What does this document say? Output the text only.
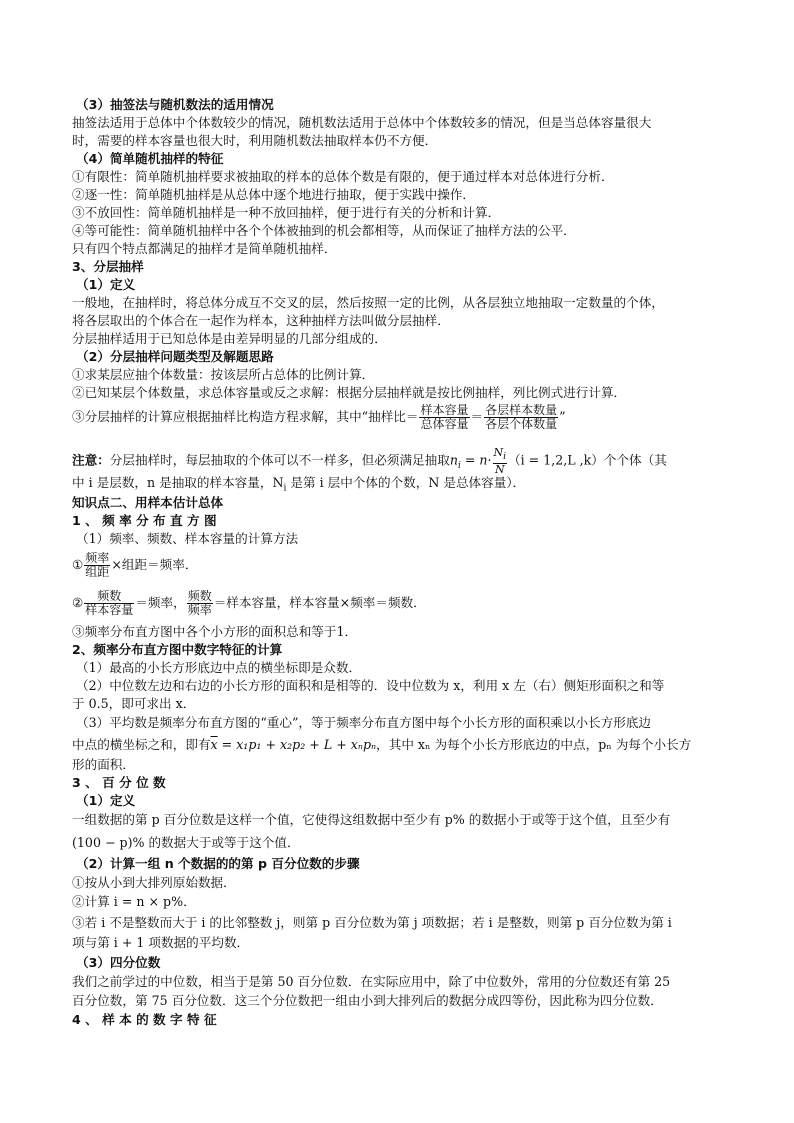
（3）抽签法与随机数法的适用情况
抽签法适用于总体中个体数较少的情况，随机数法适用于总体中个体数较多的情况，但是当总体容量很大
时，需要的样本容量也很大时，利用随机数法抽取样本仍不方便．
（4）简单随机抽样的特征
①有限性：简单随机抽样要求被抽取的样本的总体个数是有限的，便于通过样本对总体进行分析．
②逐一性：简单随机抽样是从总体中逐个地进行抽取，便于实践中操作．
③不放回性：简单随机抽样是一种不放回抽样，便于进行有关的分析和计算．
④等可能性：简单随机抽样中各个个体被抽到的机会都相等，从而保证了抽样方法的公平．
只有四个特点都满足的抽样才是简单随机抽样．
3、分层抽样
（1）定义
一般地，在抽样时，将总体分成互不交叉的层，然后按照一定的比例，从各层独立地抽取一定数量的个体，
将各层取出的个体合在一起作为样本，这种抽样方法叫做分层抽样．
分层抽样适用于已知总体是由差异明显的几部分组成的．
（2）分层抽样问题类型及解题思路
①求某层应抽个体数量：按该层所占总体的比例计算．
②已知某层个体数量，求总体容量或反之求解：根据分层抽样就是按比例抽样，列比例式进行计算．
③分层抽样的计算应根据抽样比构造方程求解，其中“抽样比＝ $\frac{\text{样本容量}}{\text{总体容量}} = \frac{\text{各层样本数量}}{\text{各层个体数量}}$ ”
注意：分层抽样时，每层抽取的个体可以不一样多，但必须满足抽取$n_i = n\cdot \frac{N_i}{N} (i = 1,2,L$ ,k）个个体（其
中 i 是层数，n 是抽取的样本容量，$N_i$ 是第 i 层中个体的个数，N 是总体容量）．
知识点二、用样本估计总体
1 、 频 率 分 布 直 方 图
（1）频率、频数、样本容量的计算方法
① $\frac{\text{频率}}{\text{组距}}$ ×组距＝频率．
② $\frac{\text{频数}}{\text{样本容量}}$ ＝频率， $\frac{\text{频数}}{\text{频率}}$ ＝样本容量，样本容量×频率＝频数．
③频率分布直方图中各个小方形的面积总和等于1．
2、频率分布直方图中数字特征的计算
（1）最高的小长方形底边中点的横坐标即是众数．
（2）中位数左边和右边的小长方形的面积和是相等的．设中位数为 x，利用 x 左（右）侧矩形面积之和等
于 0.5，即可求出 x．
（3）平均数是频率分布直方图的“重心”，等于频率分布直方图中每个小长方形的面积乘以小长方形底边
中点的横坐标之和，即有$\overline{x} = x_1p_1 + x_2p_2 + L + x_np_n$，其中 xₙ 为每个小长方形底边的中点，pₙ 为每个小长方
形的面积．
3 、 百 分 位 数
（1）定义
一组数据的第 p 百分位数是这样一个值，它使得这组数据中至少有 p% 的数据小于或等于这个值，且至少有
(100 − p)% 的数据大于或等于这个值．
（2）计算一组 n 个数据的的第 p 百分位数的步骤
①按从小到大排列原始数据．
②计算 i = n × p%．
③若 i 不是整数而大于 i 的比邻整数 j，则第 p 百分位数为第 j 项数据；若 i 是整数，则第 p 百分位数为第 i
项与第 i + 1 项数据的平均数．
（3）四分位数
我们之前学过的中位数，相当于是第 50 百分位数．在实际应用中，除了中位数外，常用的分位数还有第 25
百分位数，第 75 百分位数．这三个分位数把一组由小到大排列后的数据分成四等份，因此称为四分位数．
4 、 样 本 的 数 字 特 征
